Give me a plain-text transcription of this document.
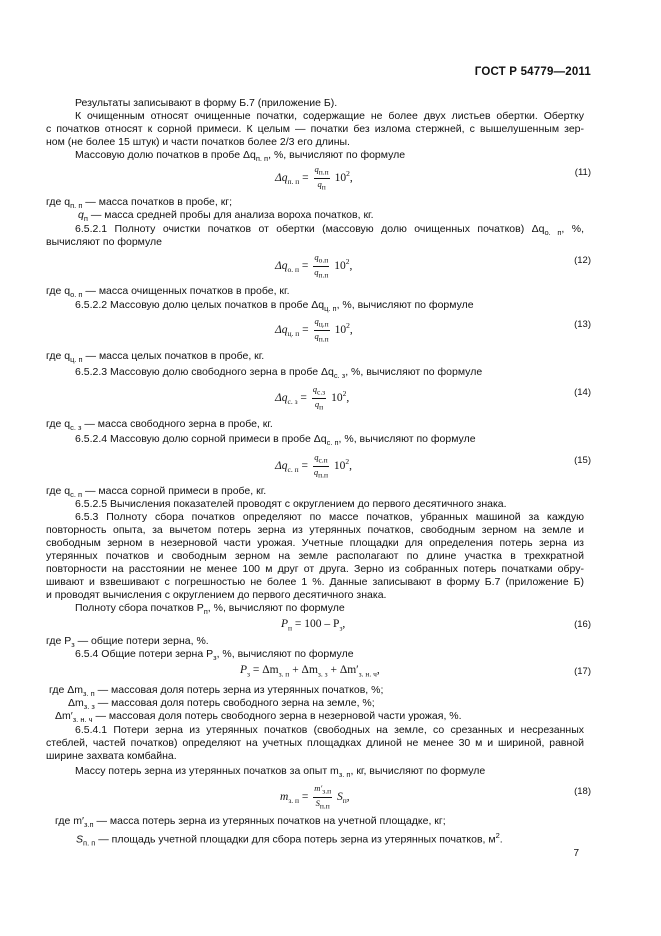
ГОСТ Р 54779—2011
Результаты записывают в форму Б.7 (приложение Б).
К очищенным относят очищенные початки, содержащие не более двух листьев обертки. Обертку
с початков относят к сорной примеси. К целым — початки без излома стержней, с вышелушенным зер-
ном (не более 15 штук) и части початков более 2/3 его длины.
Массовую долю початков в пробе $\Delta q_{п. п}$, %, вычисляют по формуле
$\Delta q_{п. п} = \frac{q_{п.п}}{q_п} 10^2$,	(11)
где $q_{п. п}$ — масса початков в пробе, кг;
$q_п$ — масса средней пробы для анализа вороха початков, кг.
6.5.2.1 Полноту очистки початков от обертки (массовую долю очищенных початков) $\Delta q_{о. п}$, %,
вычисляют по формуле
$\Delta q_{о. п} = \frac{q_{о.п}}{q_{п.п}} 10^2$,	(12)
где $q_{о. п}$ — масса очищенных початков в пробе, кг.
6.5.2.2 Массовую долю целых початков в пробе $\Delta q_{ц. п}$, %, вычисляют по формуле
$\Delta q_{ц. п} = \frac{q_{ц.п}}{q_{п.п}} 10^2$,	(13)
где $q_{ц. п}$ — масса целых початков в пробе, кг.
6.5.2.3 Массовую долю свободного зерна в пробе $\Delta q_{с. з}$, %, вычисляют по формуле
$\Delta q_{с. з} = \frac{q_{с.з}}{q_п} 10^2$,	(14)
где $q_{с. з}$ — масса свободного зерна в пробе, кг.
6.5.2.4 Массовую долю сорной примеси в пробе $\Delta q_{с. п}$, %, вычисляют по формуле
$\Delta q_{с. п} = \frac{q_{с.п}}{q_{п.п}} 10^2$,	(15)
где $q_{с. п}$ — масса сорной примеси в пробе, кг.
6.5.2.5 Вычисления показателей проводят с округлением до первого десятичного знака.
6.5.3 Полноту сбора початков определяют по массе початков, убранных машиной за каждую
повторность опыта, за вычетом потерь зерна из утерянных початков, свободным зерном на земле и
свободным зерном в незерновой части урожая. Учетные площадки для определения потерь зерна из
утерянных початков и свободным зерном на земле располагают по длине участка в трехкратной
повторности на расстоянии не менее 100 м друг от друга. Зерно из собранных потерь початками обру-
шивают и взвешивают с погрешностью не более 1 %. Данные записывают в форму Б.7 (приложение Б)
и проводят вычисления с округлением до первого десятичного знака.
Полноту сбора початков $P_п$, %, вычисляют по формуле
$P_п = 100 - P_з$,	(16)
где $P_з$ — общие потери зерна, %.
6.5.4 Общие потери зерна $P_з$, %, вычисляют по формуле
$P_з = \Delta m_{з. п} + \Delta m_{з. з} + \Delta m'_{з. н. ч}$,	(17)
где $\Delta m_{з. п}$ — массовая доля потерь зерна из утерянных початков, %;
$\Delta m_{з. з}$ — массовая доля потерь свободного зерна на земле, %;
$\Delta m'_{з. н. ч}$ — массовая доля потерь свободного зерна в незерновой части урожая, %.
6.5.4.1 Потери зерна из утерянных початков (свободных на земле, со срезанных и несрезанных
стеблей, частей початков) определяют на учетных площадках длиной не менее 30 м и шириной, равной
ширине захвата комбайна.
Массу потерь зерна из утерянных початков за опыт $m_{з. п}$, кг, вычисляют по формуле
$m_{з. п} = \frac{m'_{з.п}}{S_{п.п}} S_п$,	(18)
где $m'_{з.п}$ — масса потерь зерна из утерянных початков на учетной площадке, кг;
$S_{п. п}$ — площадь учетной площадки для сбора потерь зерна из утерянных початков, $м^2$.
7
